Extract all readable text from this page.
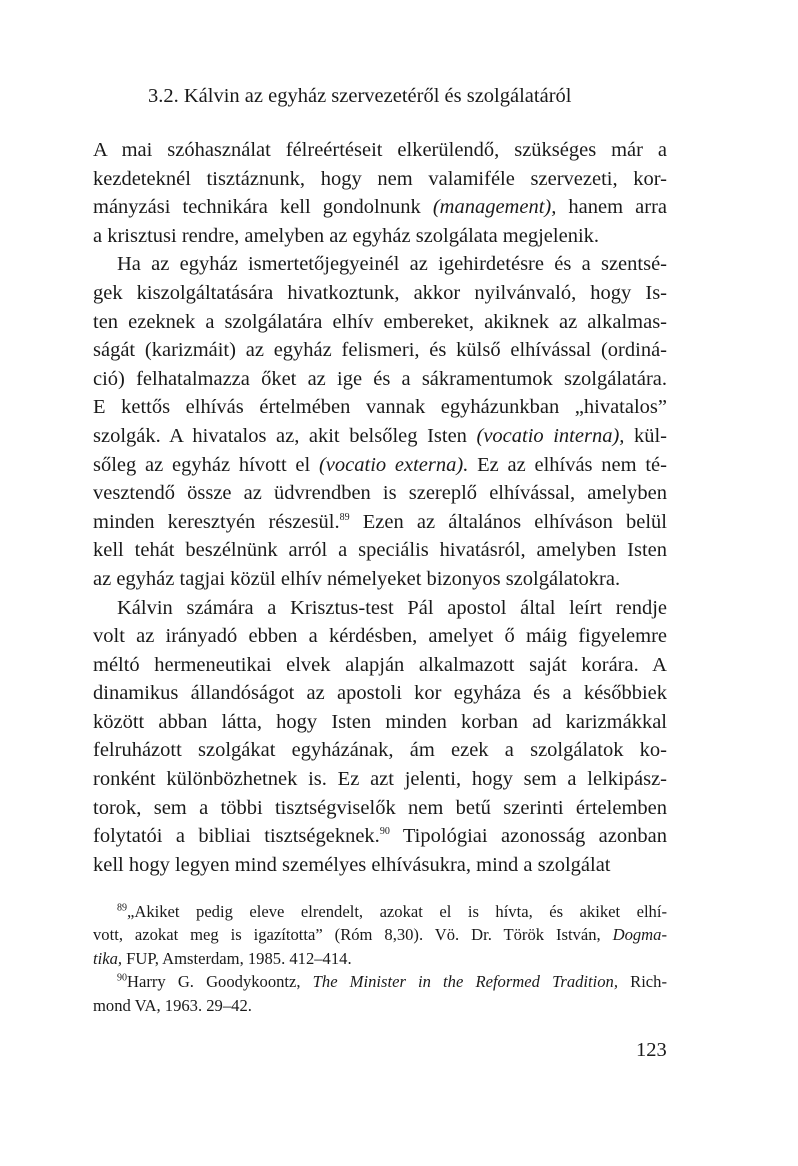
3.2. Kálvin az egyház szervezetéről és szolgálatáról
A mai szóhasználat félreértéseit elkerülendő, szükséges már a
kezdeteknél tisztáznunk, hogy nem valamiféle szervezeti, kor-
mányzási technikára kell gondolnunk (management), hanem arra
a krisztusi rendre, amelyben az egyház szolgálata megjelenik.
Ha az egyház ismertetőjegyeinél az igehirdetésre és a szentsé-
gek kiszolgáltatására hivatkoztunk, akkor nyilvánvaló, hogy Is-
ten ezeknek a szolgálatára elhív embereket, akiknek az alkalmas-
ságát (karizmáit) az egyház felismeri, és külső elhívással (ordiná-
ció) felhatalmazza őket az ige és a sákramentumok szolgálatára.
E kettős elhívás értelmében vannak egyházunkban „hivatalos”
szolgák. A hivatalos az, akit belsőleg Isten (vocatio interna), kül-
sőleg az egyház hívott el (vocatio externa). Ez az elhívás nem té-
vesztendő össze az üdvrendben is szereplő elhívással, amelyben
minden keresztyén részesül.$^{89}$ Ezen az általános elhíváson belül
kell tehát beszélnünk arról a speciális hivatásról, amelyben Isten
az egyház tagjai közül elhív némelyeket bizonyos szolgálatokra.
Kálvin számára a Krisztus-test Pál apostol által leírt rendje
volt az irányadó ebben a kérdésben, amelyet ő máig figyelemre
méltó hermeneutikai elvek alapján alkalmazott saját korára. A
dinamikus állandóságot az apostoli kor egyháza és a későbbiek
között abban látta, hogy Isten minden korban ad karizmákkal
felruházott szolgákat egyházának, ám ezek a szolgálatok ko-
ronként különbözhetnek is. Ez azt jelenti, hogy sem a lelkipász-
torok, sem a többi tisztségviselők nem betű szerinti értelemben
folytatói a bibliai tisztségeknek.$^{90}$ Tipológiai azonosság azonban
kell hogy legyen mind személyes elhívásukra, mind a szolgálat
$^{89}$„Akiket pedig eleve elrendelt, azokat el is hívta, és akiket elhí-
vott, azokat meg is igazította” (Róm 8,30). Vö. Dr. Török István, Dogma-
tika, FUP, Amsterdam, 1985. 412–414.
$^{90}$Harry G. Goodykoontz, The Minister in the Reformed Tradition, Rich-
mond VA, 1963. 29–42.
123
